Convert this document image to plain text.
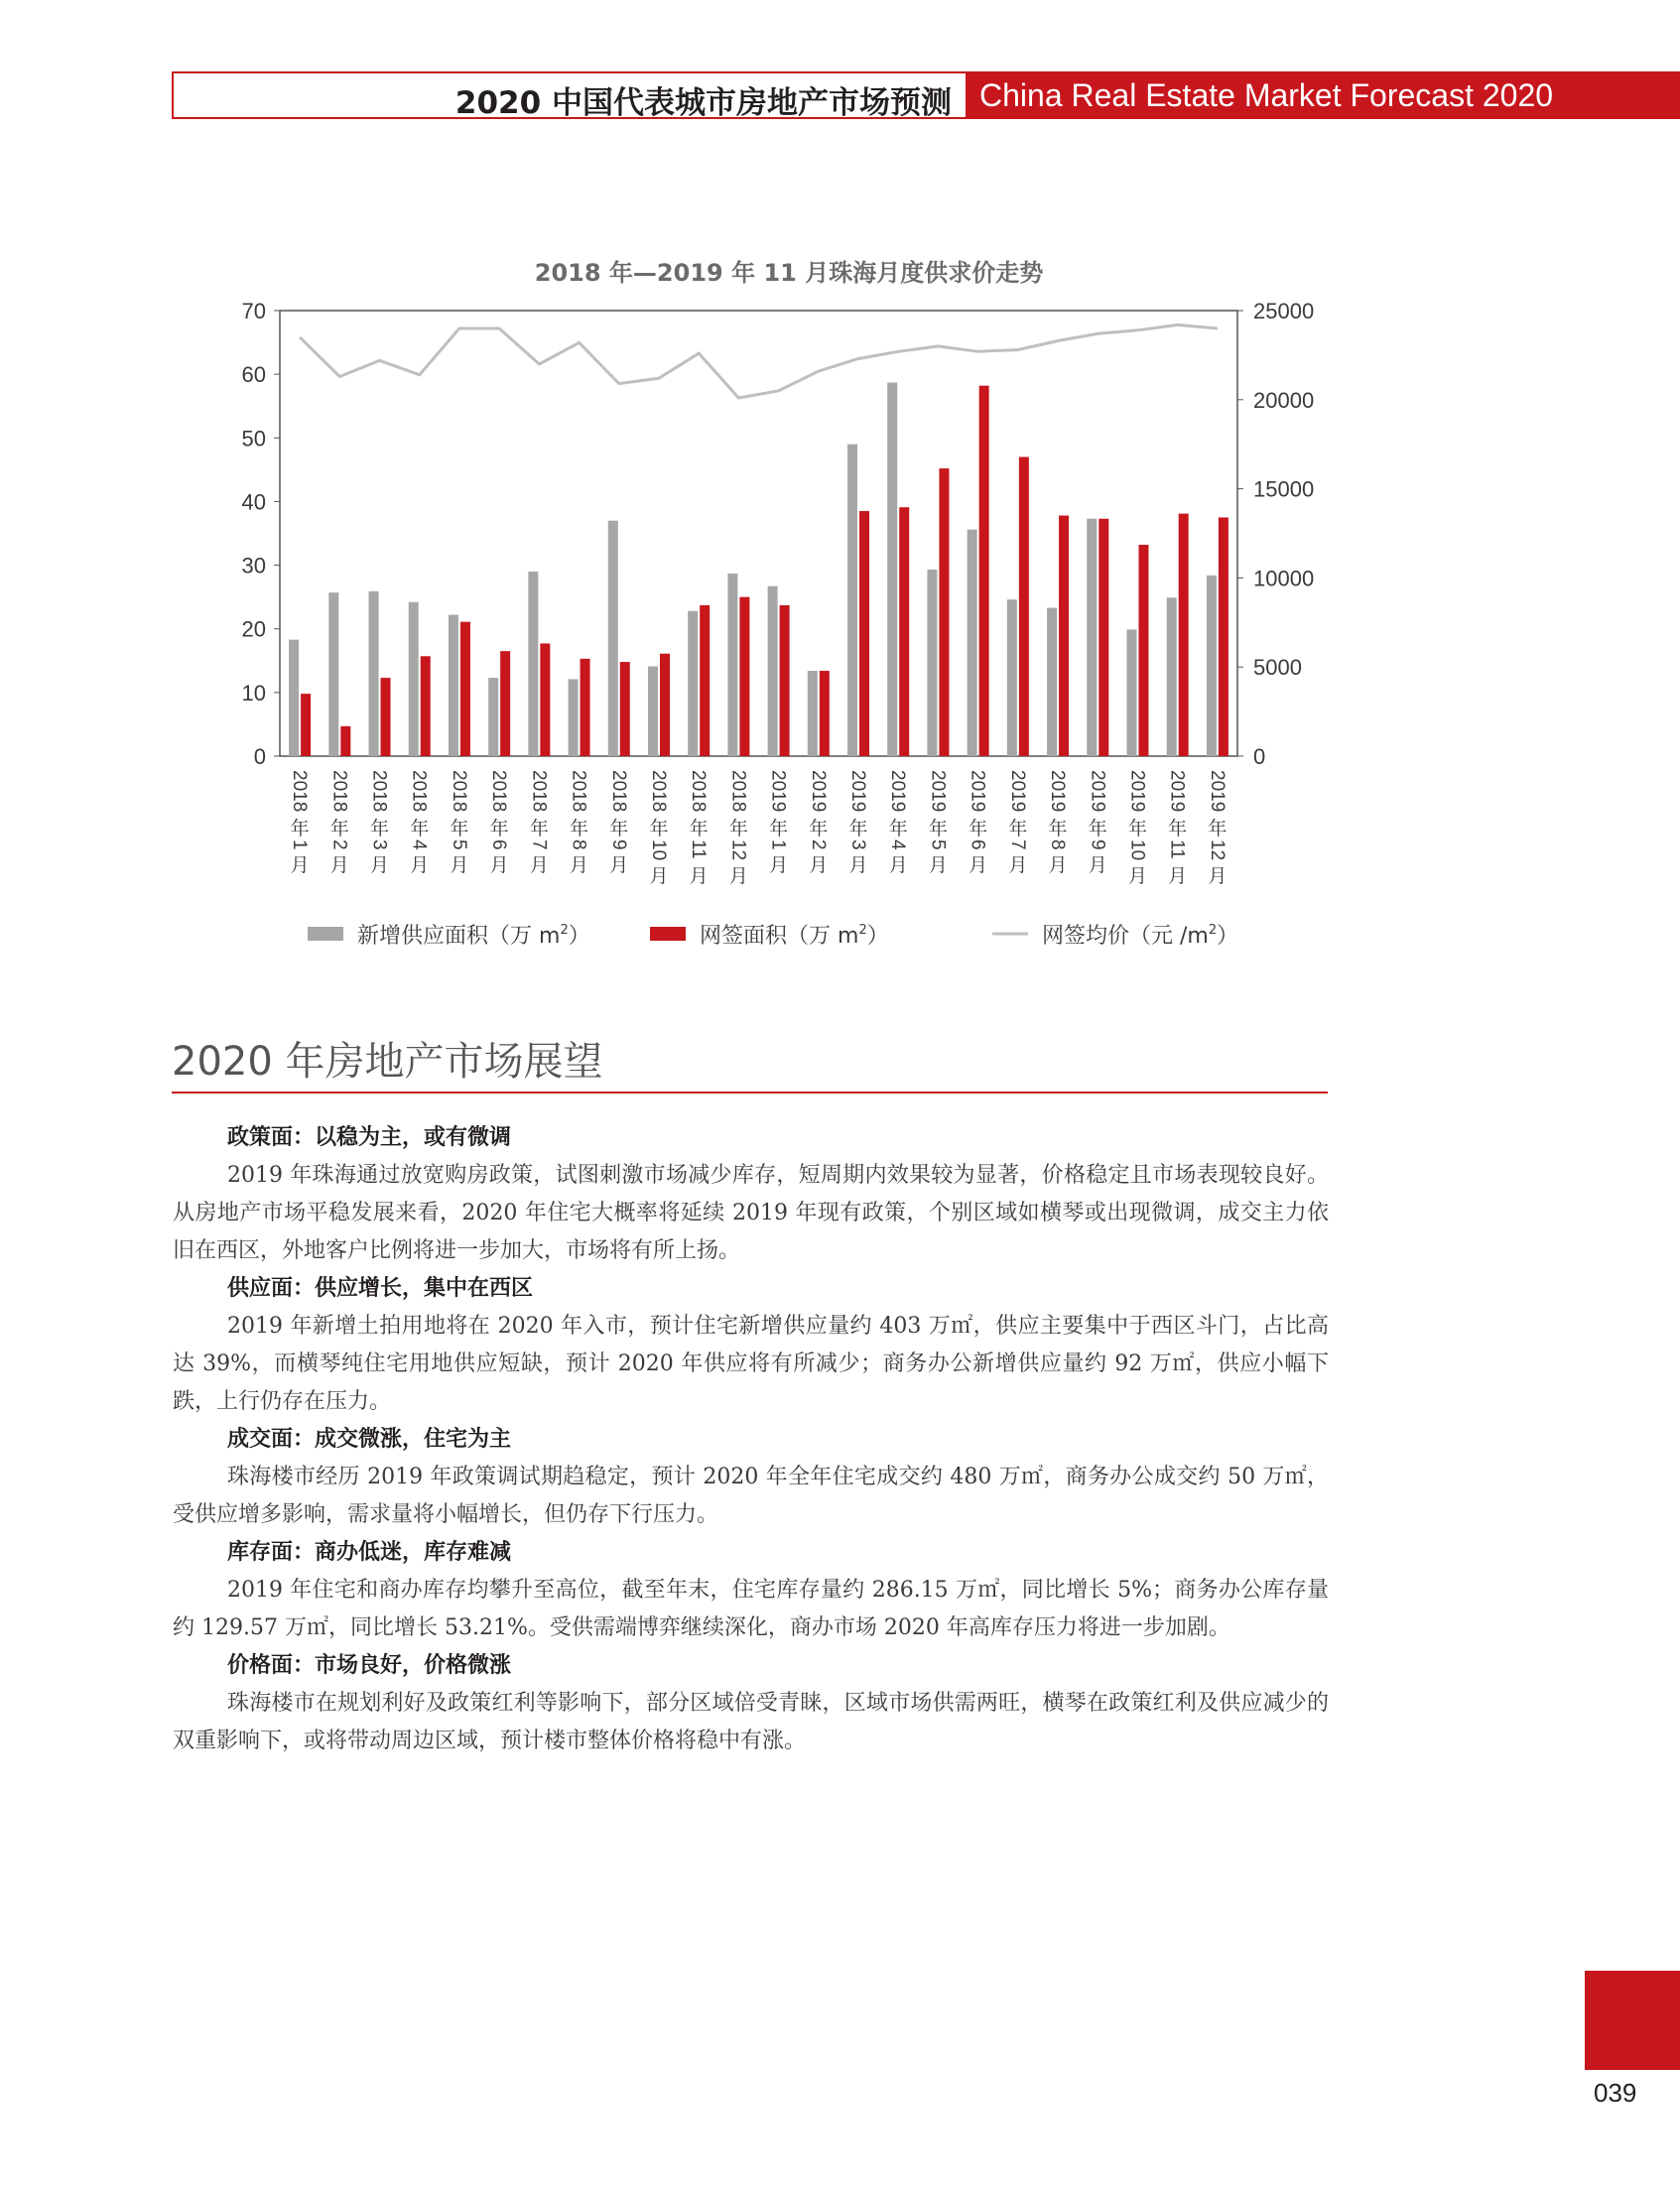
2020 中国代表城市房地产市场预测 China Real Estate Market Forecast 2020
2018 年—2019 年 11 月珠海月度供求价走势
0
10
20
30
40
50
60
70
0
5000
10000
15000
20000
25000
2018
年
1
月
2018
年
2
月
2018
年
3
月
2018
年
4
月
2018
年
5
月
2018
年
6
月
2018
年
7
月
2018
年
8
月
2018
年
9
月
2018
年
10
月
2018
年
11
月
2018
年
12
月
2019
年
1
月
2019
年
2
月
2019
年
3
月
2019
年
4
月
2019
年
5
月
2019
年
6
月
2019
年
7
月
2019
年
8
月
2019
年
9
月
2019
年
10
月
2019
年
11
月
2019
年
12
月
新增供应面积（万 $m^2$）	网签面积（万 $m^2$）	网签均价（元 $/m^2$）
2020 年房地产市场展望
政策面：以稳为主，或有微调

2019 年珠海通过放宽购房政策，试图刺激市场减少库存，短周期内效果较为显著，价格稳定且市场表现较良好。从房地产市场平稳发展来看，2020 年住宅大概率将延续 2019 年现有政策，个别区域如横琴或出现微调，成交主力依旧在西区，外地客户比例将进一步加大，市场将有所上扬。

供应面：供应增长，集中在西区

2019 年新增土拍用地将在 2020 年入市，预计住宅新增供应量约 403 万㎡，供应主要集中于西区斗门，占比高达 39%，而横琴纯住宅用地供应短缺，预计 2020 年供应将有所减少；商务办公新增供应量约 92 万㎡，供应小幅下跌，上行仍存在压力。

成交面：成交微涨，住宅为主

珠海楼市经历 2019 年政策调试期趋稳定，预计 2020 年全年住宅成交约 480 万㎡，商务办公成交约 50 万㎡，受供应增多影响，需求量将小幅增长，但仍存下行压力。

库存面：商办低迷，库存难减

2019 年住宅和商办库存均攀升至高位，截至年末，住宅库存量约 286.15 万㎡，同比增长 5%；商务办公库存量约 129.57 万㎡，同比增长 53.21%。受供需端博弈继续深化，商办市场 2020 年高库存压力将进一步加剧。

价格面：市场良好，价格微涨

珠海楼市在规划利好及政策红利等影响下，部分区域倍受青睐，区域市场供需两旺，横琴在政策红利及供应减少的双重影响下，或将带动周边区域，预计楼市整体价格将稳中有涨。

039
